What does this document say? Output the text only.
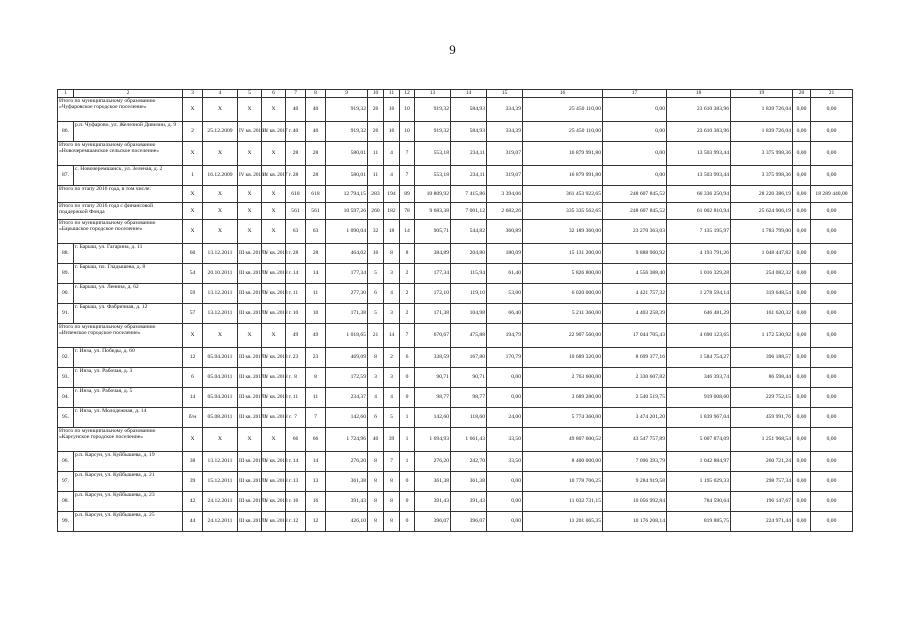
9
1	2	3	4	5	6	7	8	9	10	11	12	13	14	15	16	17	18	19	20	21
Итого по муниципальному образованию «Чуфаровское городское поселение»		X	X	X	X	40	40	919,32	26	16	10	919,32	584,93	334,39	25 450 110,00	0,00	23 610 383,96	1 839 726,04	0,00	0,00
86.	р.п. Чуфарово, ул. Железной Дивизии, д. 9	2	25.12.2009	IV кв. 2016 г.	IV кв. 2017 г.	40	40	919,32	26	16	10	919,32	584,93	334,39	25 450 110,00	0,00	23 610 383,96	1 839 726,04	0,00	0,00
Итого по муниципальному образованию «Новочеремшанское сельское поселение»		X	X	X	X	28	28	580,01	11	4	7	553,18	234,11	319,07	16 879 991,80	0,00	13 503 993,44	3 375 998,36	0,00	0,00
87.	с. Новочеремшанск, ул. Зеленая, д. 2	1	16.12.2009	IV кв. 2016 г.	IV кв. 2017 г.	28	28	580,01	11	4	7	553,18	234,11	319,07	16 879 991,80	0,00	13 503 993,44	3 375 998,36	0,00	0,00
Итого по этапу 2016 года, в том числе:		X	X	X	X	618	618	12 794,15	283	194	89	10 809,92	7 415,86	3 394,06	361 453 922,65	248 607 845,52	66 336 250,94	28 220 386,19	0,00	18 289 440,00
Итого по этапу 2016 года с финансовой поддержкой Фонда		X	X	X	X	561	561	10 597,26	260	182	78	9 683,38	7 001,12	2 682,26	335 335 562,65	248 607 845,52	61 002 810,94	25 624 906,19	0,00	0,00
Итого по муниципальному образованию «Барышское городское поселение»		X	X	X	X	63	63	1 090,04	32	18	14	905,71	544,82	360,89	32 189 360,00	23 270 363,03	7 135 195,97	1 783 799,00	0,00	0,00
88.	г. Барыш, ул. Гагарина, д. 11	60	13.12.2011	III кв. 2017 г.	IV кв. 2018 г.	28	28	464,02	16	8	8	384,89	204,80	180,09	15 131 200,00	9 888 960,92	4 193 791,26	1 048 447,82	0,00	0,00
89.	г. Барыш, пл. Гладышева, д. 8	54	20.10.2011	III кв. 2017 г.	IV кв. 2018 г.	14	14	177,34	5	3	2	177,34	115,94	61,40	5 826 800,00	4 556 388,40	1 016 329,28	254 082,32	0,00	0,00
90.	г. Барыш, ул. Ленина, д. 62	59	13.12.2011	III кв. 2017 г.	IV кв. 2018 г.	11	11	277,30	6	4	2	172,10	119,10	53,00	6 020 000,00	4 421 757,32	1 278 594,14	319 648,54	0,00	0,00
91.	г. Барыш, ул. Фабричная, д. 12	57	13.12.2011	III кв. 2017 г.	IV кв. 2018 г.	10	10	171,38	5	3	2	171,38	104,98	66,40	5 211 360,00	4 403 258,39	646 481,29	161 620,32	0,00	0,00
Итого по муниципальному образованию «Инзенское городское поселение»		X	X	X	X	49	49	1 018,65	21	14	7	670,67	475,88	194,79	22 907 560,00	17 044 705,43	4 690 123,65	1 172 530,92	0,00	0,00
92.	г. Инза, ул. Победы, д. 60	12	05.04.2011	III кв. 2017 г.	IV кв. 2018 г.	23	23	469,09	8	2	6	338,59	167,80	170,79	10 689 320,00	8 699 377,16	1 584 754,27	396 188,57	0,00	0,00
93.	г. Инза, ул. Рабочая, д. 3	6	05.04.2011	III кв. 2017 г.	IV кв. 2018 г.	8	8	172,59	3	3	0	90,71	90,71	0,00	2 763 600,00	2 330 607,82	346 393,74	86 598,44	0,00	0,00
94.	г. Инза, ул. Рабочая, д. 5	14	05.04.2011	III кв. 2017 г.	IV кв. 2018 г.	11	11	234,37	4	4	0	98,77	98,77	0,00	3 689 280,00	2 540 519,75	919 008,60	229 752,15	0,00	0,00
95.	г. Инза, ул. Молодежная, д. 14	б/н	05.08.2011	III кв. 2017 г.	IV кв. 2018 г.	7	7	142,60	6	5	1	142,60	118,60	24,00	5 774 360,00	3 474 201,20	1 839 967,04	459 991,76	0,00	0,00
Итого по муниципальному образованию «Карсунское городское поселение»		X	X	X	X	66	66	1 724,96	40	39	1	1 694,93	1 661,43	33,50	49 807 600,52	43 547 757,89	5 007 874,09	1 251 968,54	0,00	0,00
96.	р.п. Карсун, ул. Куйбышева, д. 19	38	13.12.2011	III кв. 2017 г.	IV кв. 2018 г.	14	14	276,20	8	7	1	276,20	242,70	33,50	8 400 000,00	7 096 393,79	1 042 884,97	260 721,24	0,00	0,00
97.	р.п. Карсун, ул. Куйбышева, д. 21	39	15.12.2011	III кв. 2017 г.	IV кв. 2018 г.	13	13	361,38	8	8	0	361,38	361,38	0,00	10 778 706,25	9 284 919,58	1 195 029,33	298 757,34	0,00	0,00
98.	р.п. Карсун, ул. Куйбышева, д. 23	42	24.12.2011	III кв. 2017 г.	IV кв. 2018 г.	16	16	391,43	8	8	0	391,43	391,43	0,00	11 032 731,15	10 056 992,84	784 590,64	196 147,67	0,00	0,00
99.	р.п. Карсун, ул. Куйбышева, д. 25	44	24.12.2011	III кв. 2017 г.	IV кв. 2018 г.	12	12	426,10	8	8	0	396,07	396,07	0,00	11 201 065,35	10 176 208,14	819 885,75	224 971,44	0,00	0,00
